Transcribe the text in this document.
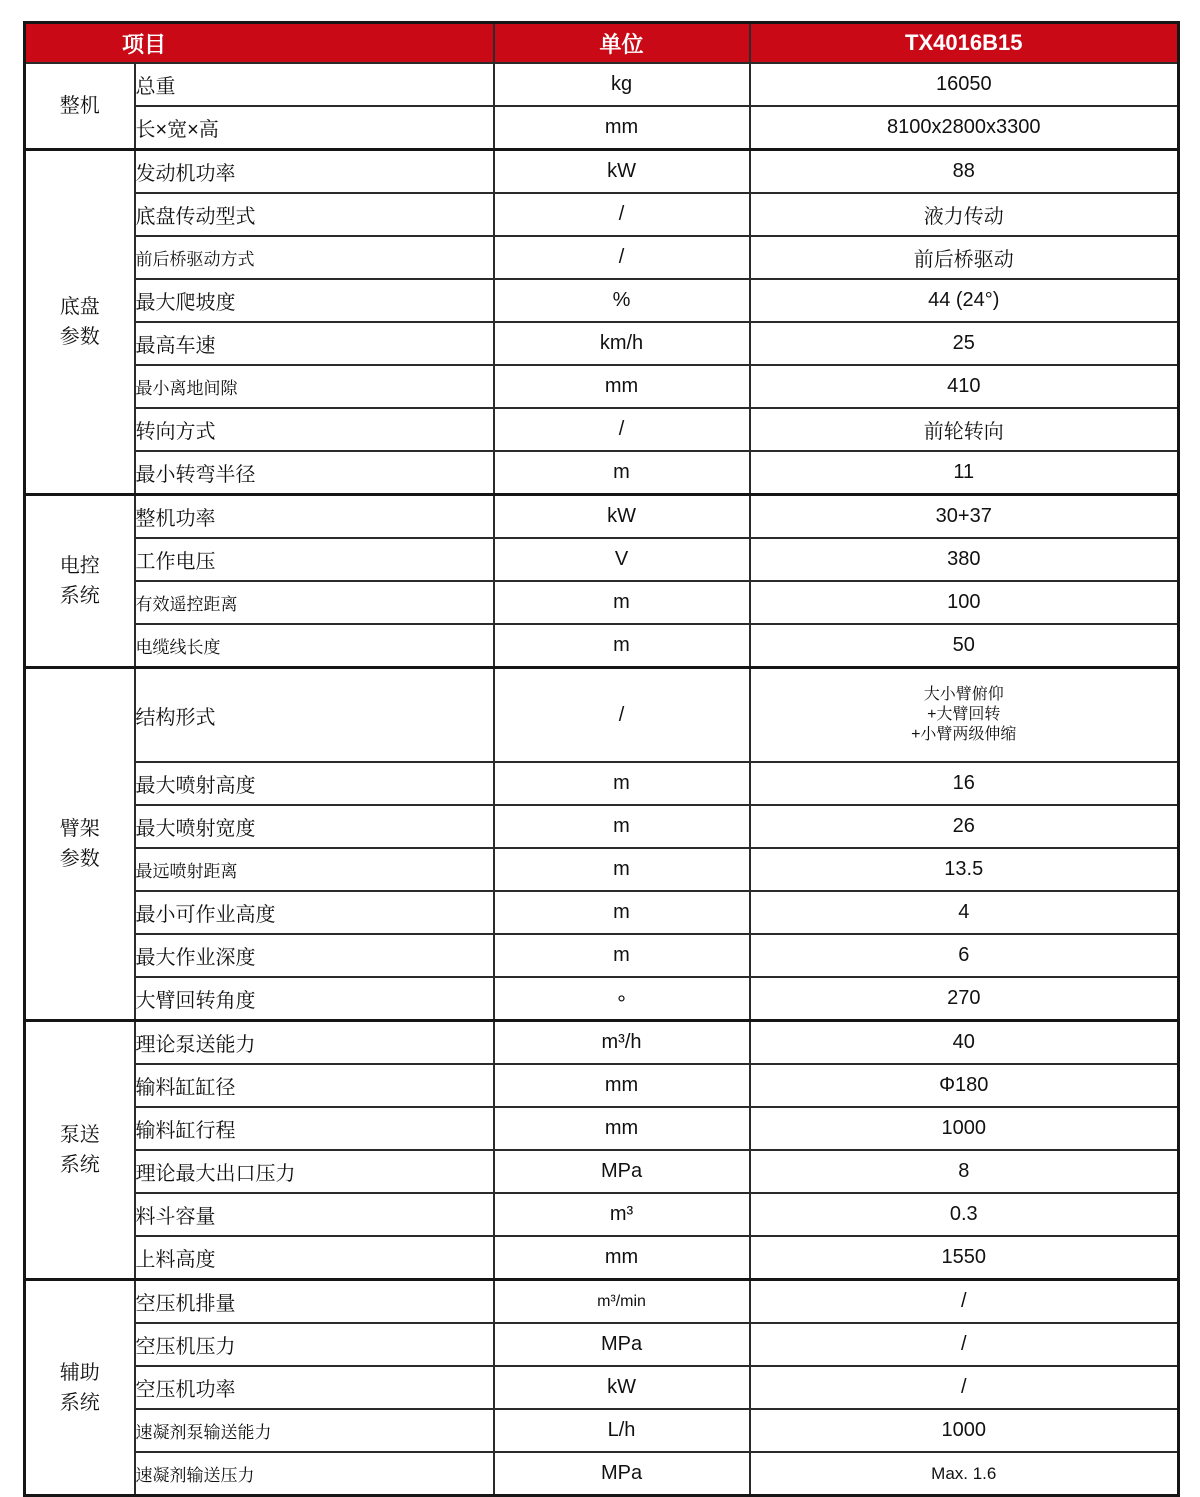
项目		单位	TX4016B15

整机	总重	kg	16050
	长×宽×高	mm	8100x2800x3300

底盘
参数	发动机功率	kW	88
	底盘传动型式	/	液力传动
	前后桥驱动方式	/	前后桥驱动
	最大爬坡度	%	44 (24°)
	最高车速	km/h	25
	最小离地间隙	mm	410
	转向方式	/	前轮转向
	最小转弯半径	m	11

电控
系统	整机功率	kW	30+37
	工作电压	V	380
	有效遥控距离	m	100
	电缆线长度	m	50

臂架
参数
	结构形式	/	
大小臂俯仰
+大臂回转
+小臂两级伸缩

	最大喷射高度	m	16
	最大喷射宽度	m	26
	最远喷射距离	m	13.5
	最小可作业高度	m	4
	最大作业深度	m	6
	大臂回转角度	°	270

泵送
系统	理论泵送能力	m³/h	40
	输料缸缸径	mm	Φ180
	输料缸行程	mm	1000
	理论最大出口压力	MPa	8
	料斗容量	m³	0.3
	上料高度	mm	1550

辅助
系统	空压机排量	m³/min	/
	空压机压力	MPa	/
	空压机功率	kW	/
	速凝剂泵输送能力	L/h	1000
	速凝剂输送压力	MPa	Max. 1.6
